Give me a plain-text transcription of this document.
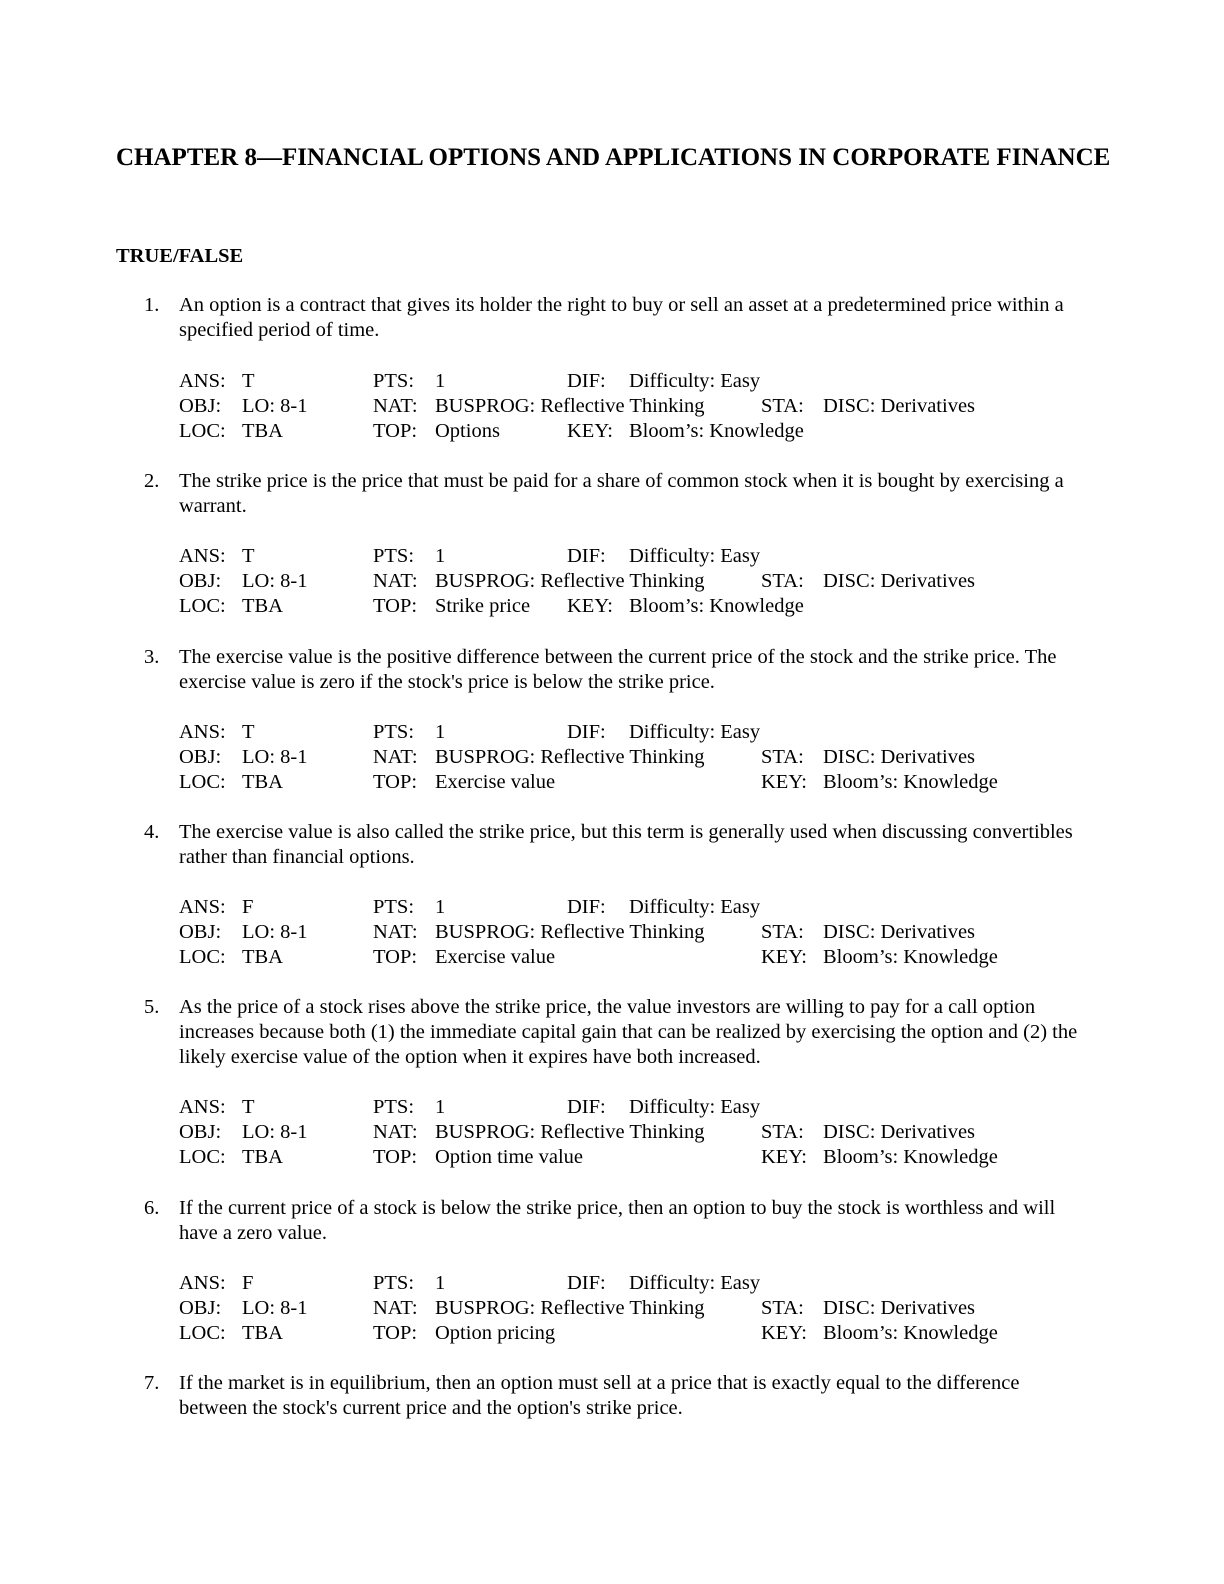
CHAPTER 8—FINANCIAL OPTIONS AND APPLICATIONS IN CORPORATE FINANCE
TRUE/FALSE
1. An option is a contract that gives its holder the right to buy or sell an asset at a predetermined price within a specified period of time.
ANS: T	PTS: 1	DIF: Difficulty: Easy
OBJ: LO: 8-1	NAT: BUSPROG: Reflective Thinking	STA: DISC: Derivatives
LOC: TBA	TOP: Options	KEY: Bloom’s: Knowledge
2. The strike price is the price that must be paid for a share of common stock when it is bought by exercising a warrant.
ANS: T	PTS: 1	DIF: Difficulty: Easy
OBJ: LO: 8-1	NAT: BUSPROG: Reflective Thinking	STA: DISC: Derivatives
LOC: TBA	TOP: Strike price KEY: Bloom’s: Knowledge
3. The exercise value is the positive difference between the current price of the stock and the strike price. The exercise value is zero if the stock's price is below the strike price.
ANS: T	PTS: 1	DIF: Difficulty: Easy
OBJ: LO: 8-1	NAT: BUSPROG: Reflective Thinking	STA: DISC: Derivatives
LOC: TBA	TOP: Exercise value	KEY: Bloom’s: Knowledge
4. The exercise value is also called the strike price, but this term is generally used when discussing convertibles rather than financial options.
ANS: F	PTS: 1	DIF: Difficulty: Easy
OBJ: LO: 8-1	NAT: BUSPROG: Reflective Thinking	STA: DISC: Derivatives
LOC: TBA	TOP: Exercise value	KEY: Bloom’s: Knowledge
5. As the price of a stock rises above the strike price, the value investors are willing to pay for a call option increases because both (1) the immediate capital gain that can be realized by exercising the option and (2) the likely exercise value of the option when it expires have both increased.
ANS: T	PTS: 1	DIF: Difficulty: Easy
OBJ: LO: 8-1	NAT: BUSPROG: Reflective Thinking	STA: DISC: Derivatives
LOC: TBA	TOP: Option time value	KEY: Bloom’s: Knowledge
6. If the current price of a stock is below the strike price, then an option to buy the stock is worthless and will have a zero value.
ANS: F	PTS: 1	DIF: Difficulty: Easy
OBJ: LO: 8-1	NAT: BUSPROG: Reflective Thinking	STA: DISC: Derivatives
LOC: TBA	TOP: Option pricing	KEY: Bloom’s: Knowledge
7. If the market is in equilibrium, then an option must sell at a price that is exactly equal to the difference between the stock's current price and the option's strike price.
